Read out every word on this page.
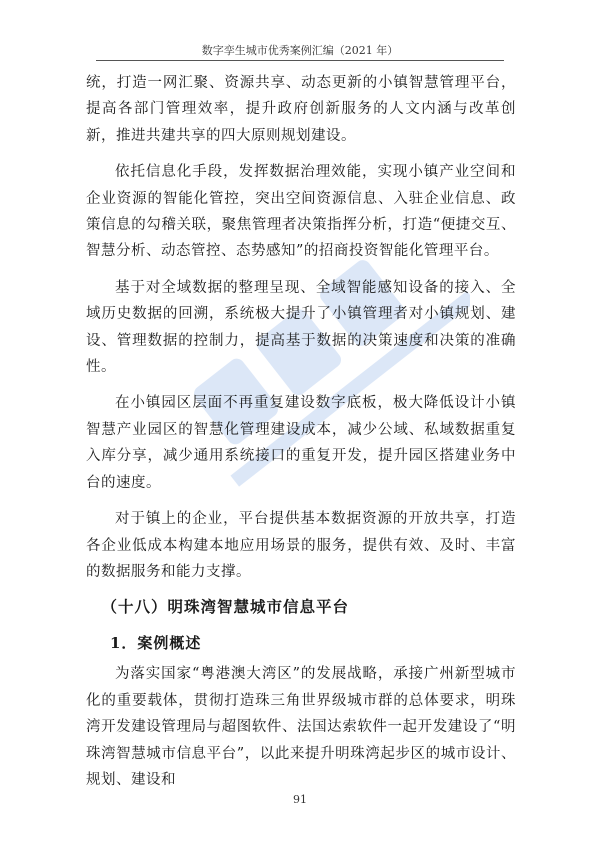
数字孪生城市优秀案例汇编（2021 年）

统，打造一网汇聚、资源共享、动态更新的小镇智慧管理平台，提高各部门管理效率，提升政府创新服务的人文内涵与改革创新，推进共建共享的四大原则规划建设。

依托信息化手段，发挥数据治理效能，实现小镇产业空间和企业资源的智能化管控，突出空间资源信息、入驻企业信息、政策信息的勾稽关联，聚焦管理者决策指挥分析，打造“便捷交互、智慧分析、动态管控、态势感知”的招商投资智能化管理平台。

基于对全域数据的整理呈现、全域智能感知设备的接入、全域历史数据的回溯，系统极大提升了小镇管理者对小镇规划、建设、管理数据的控制力，提高基于数据的决策速度和决策的准确性。

在小镇园区层面不再重复建设数字底板，极大降低设计小镇智慧产业园区的智慧化管理建设成本，减少公域、私域数据重复入库分享，减少通用系统接口的重复开发，提升园区搭建业务中台的速度。

对于镇上的企业，平台提供基本数据资源的开放共享，打造各企业低成本构建本地应用场景的服务，提供有效、及时、丰富的数据服务和能力支撑。

（十八）明珠湾智慧城市信息平台
1．案例概述

为落实国家“粤港澳大湾区”的发展战略，承接广州新型城市化的重要载体，贯彻打造珠三角世界级城市群的总体要求，明珠湾开发建设管理局与超图软件、法国达索软件一起开发建设了“明珠湾智慧城市信息平台”，以此来提升明珠湾起步区的城市设计、规划、建设和

91
